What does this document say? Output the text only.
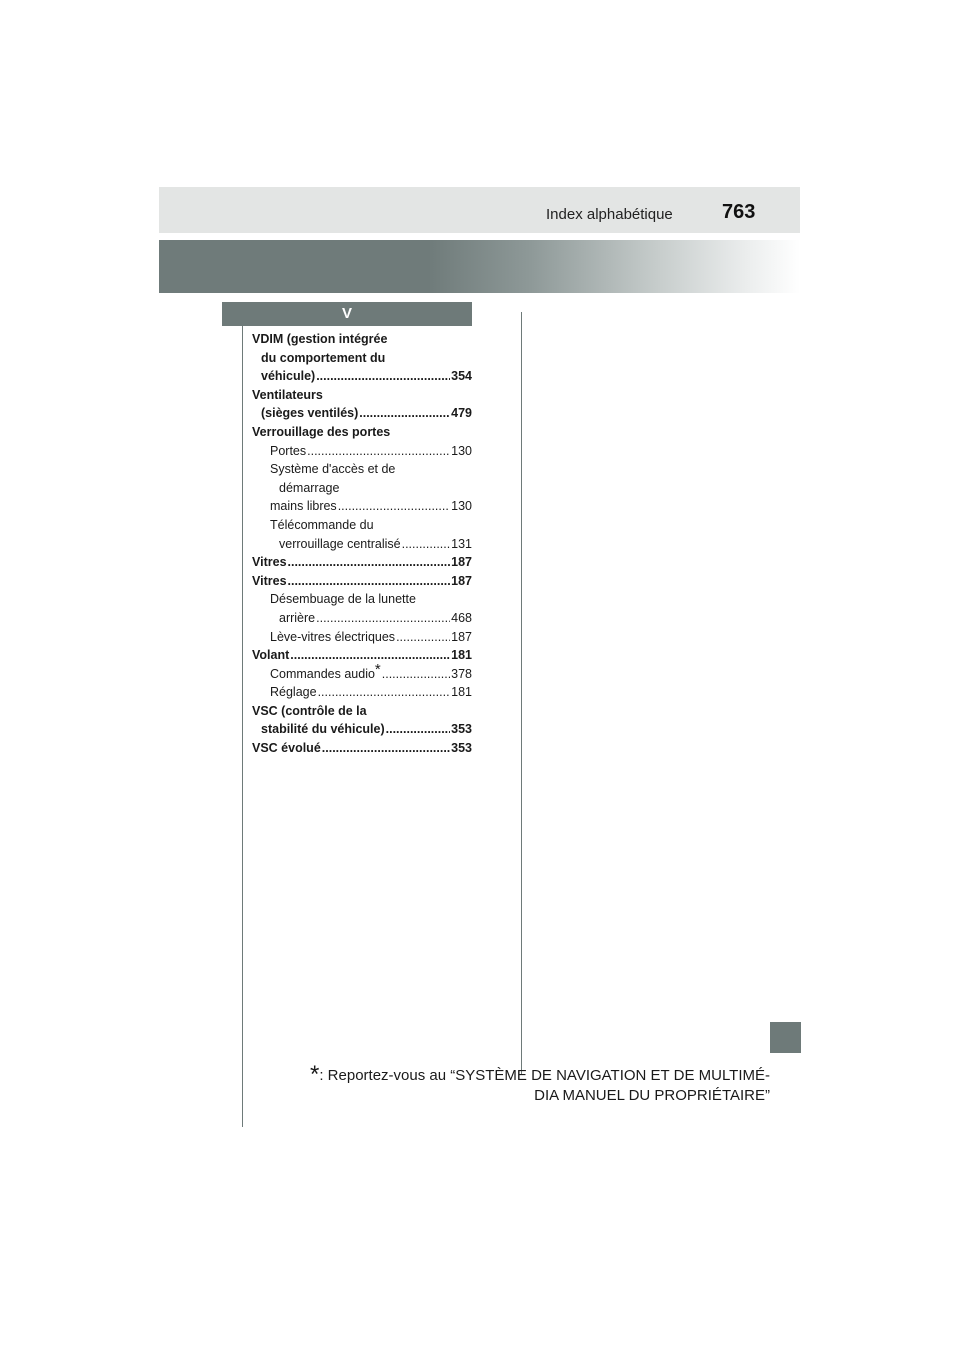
Index alphabétique 763
V
VDIM (gestion intégrée
du comportement du
véhicule) .....	354
Ventilateurs
(sièges ventilés) .....	479
Verrouillage des portes
Portes .....	130
Système d'accès et de
démarrage
mains libres .....	130
Télécommande du
verrouillage centralisé .....	131
Vitres .....	187
Vitres .....	187
Désembuage de la lunette
arrière .....	468
Lève-vitres électriques .....	187
Volant .....	181
Commandes audio* .....	378
Réglage .....	181
VSC (contrôle de la
stabilité du véhicule) .....	353
VSC évolué .....	353
*: Reportez-vous au “SYSTÈME DE NAVIGATION ET DE MULTIMÉ-
DIA MANUEL DU PROPRIÉTAIRE”
